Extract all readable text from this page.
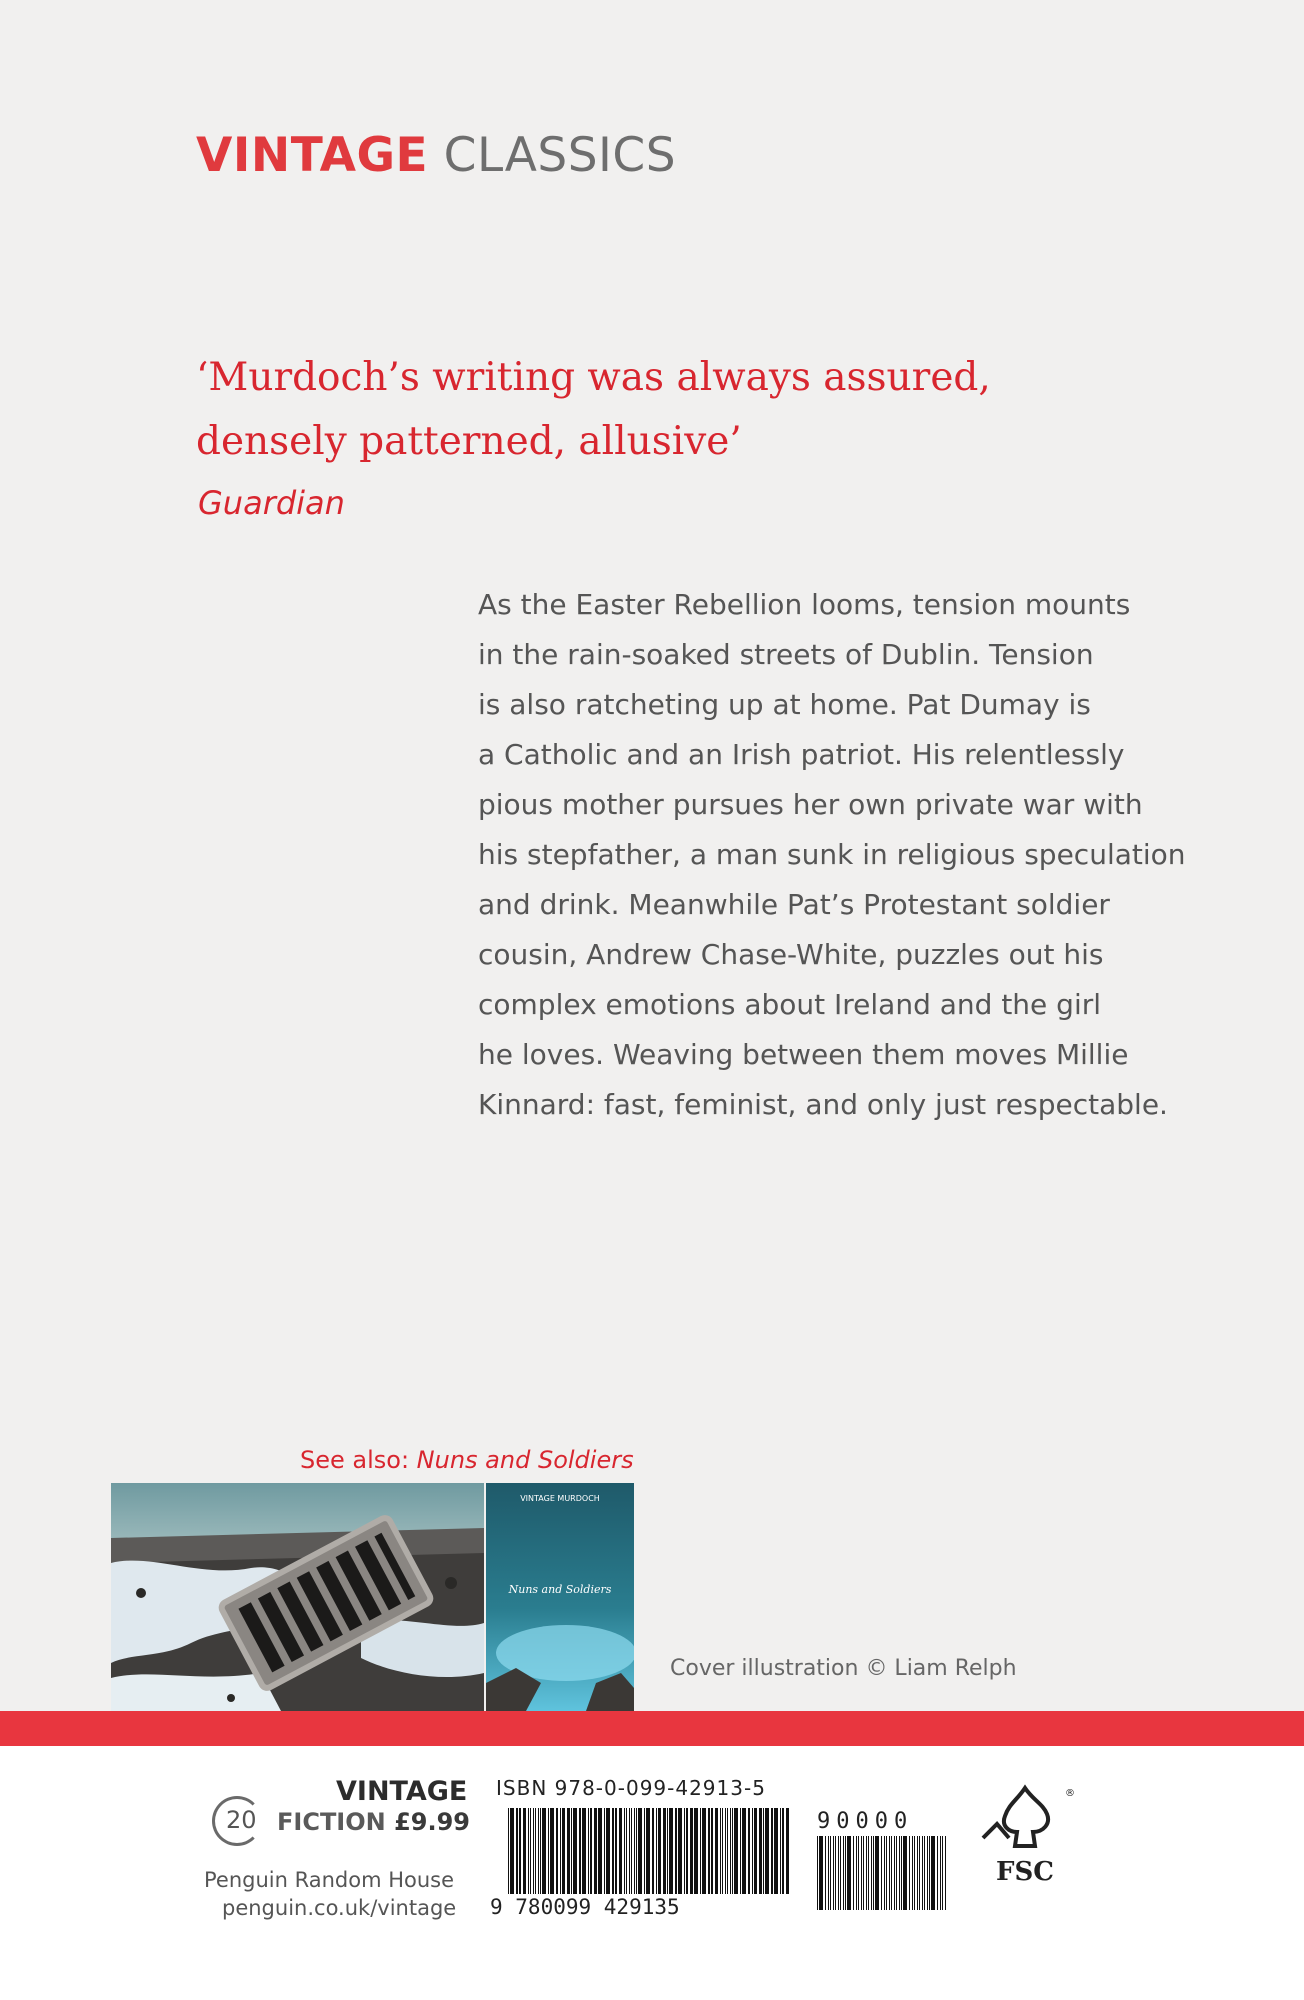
VINTAGE CLASSICS
‘Murdoch’s writing was always assured,
densely patterned, allusive’
Guardian
As the Easter Rebellion looms, tension mounts
in the rain-soaked streets of Dublin. Tension
is also ratcheting up at home. Pat Dumay is
a Catholic and an Irish patriot. His relentlessly
pious mother pursues her own private war with
his stepfather, a man sunk in religious speculation
and drink. Meanwhile Pat’s Protestant soldier
cousin, Andrew Chase-White, puzzles out his
complex emotions about Ireland and the girl
he loves. Weaving between them moves Millie
Kinnard: fast, feminist, and only just respectable.
See also: Nuns and Soldiers
VINTAGE MURDOCH
Nuns and Soldiers
Cover illustration © Liam Relph
VINTAGE
20 FICTION £9.99
Penguin Random House
penguin.co.uk/vintage
ISBN 978-0-099-42913-5
9 780099 429135
90000
®
FSC
